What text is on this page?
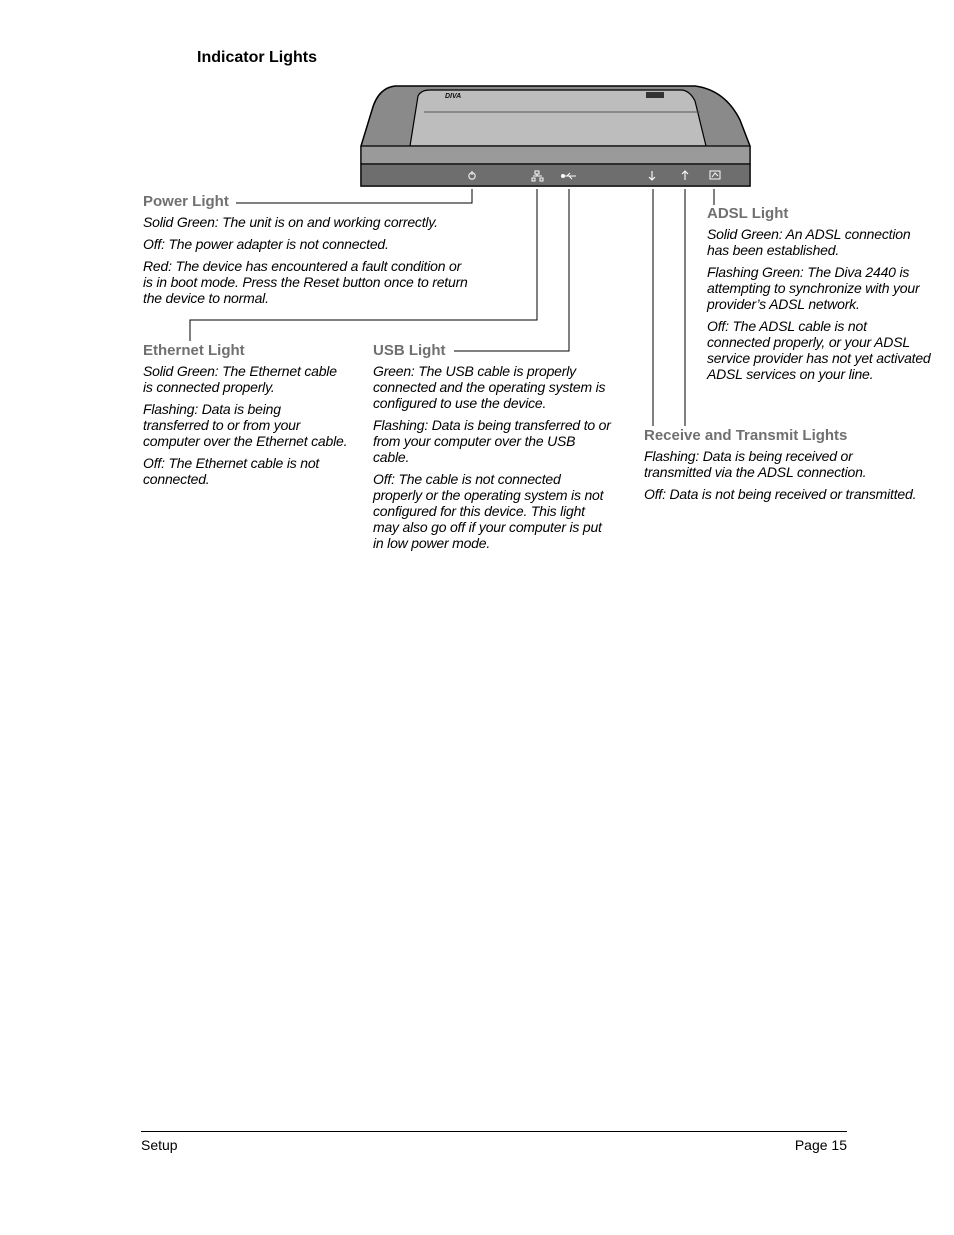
Indicator Lights
DIVA
Power Light

Solid Green: The unit is on and working correctly.

Off: The power adapter is not connected.

Red: The device has encountered a fault condition or is in boot mode. Press the Reset button once to return the device to normal.

Ethernet Light

Solid Green: The Ethernet cable is connected properly.

Flashing: Data is being transferred to or from your computer over the Ethernet cable.

Off: The Ethernet cable is not connected.

USB Light

Green: The USB cable is properly connected and the operating system is configured to use the device.

Flashing: Data is being transferred to or from your computer over the USB cable.

Off: The cable is not connected properly or the operating system is not configured for this device. This light may also go off if your computer is put in low power mode.

ADSL Light

Solid Green: An ADSL connection has been established.

Flashing Green: The Diva 2440 is attempting to synchronize with your provider’s ADSL network.

Off: The ADSL cable is not connected properly, or your ADSL service provider has not yet activated ADSL services on your line.

Receive and Transmit Lights

Flashing: Data is being received or transmitted via the ADSL connection.

Off: Data is not being received or transmitted.

Setup	Page 15
